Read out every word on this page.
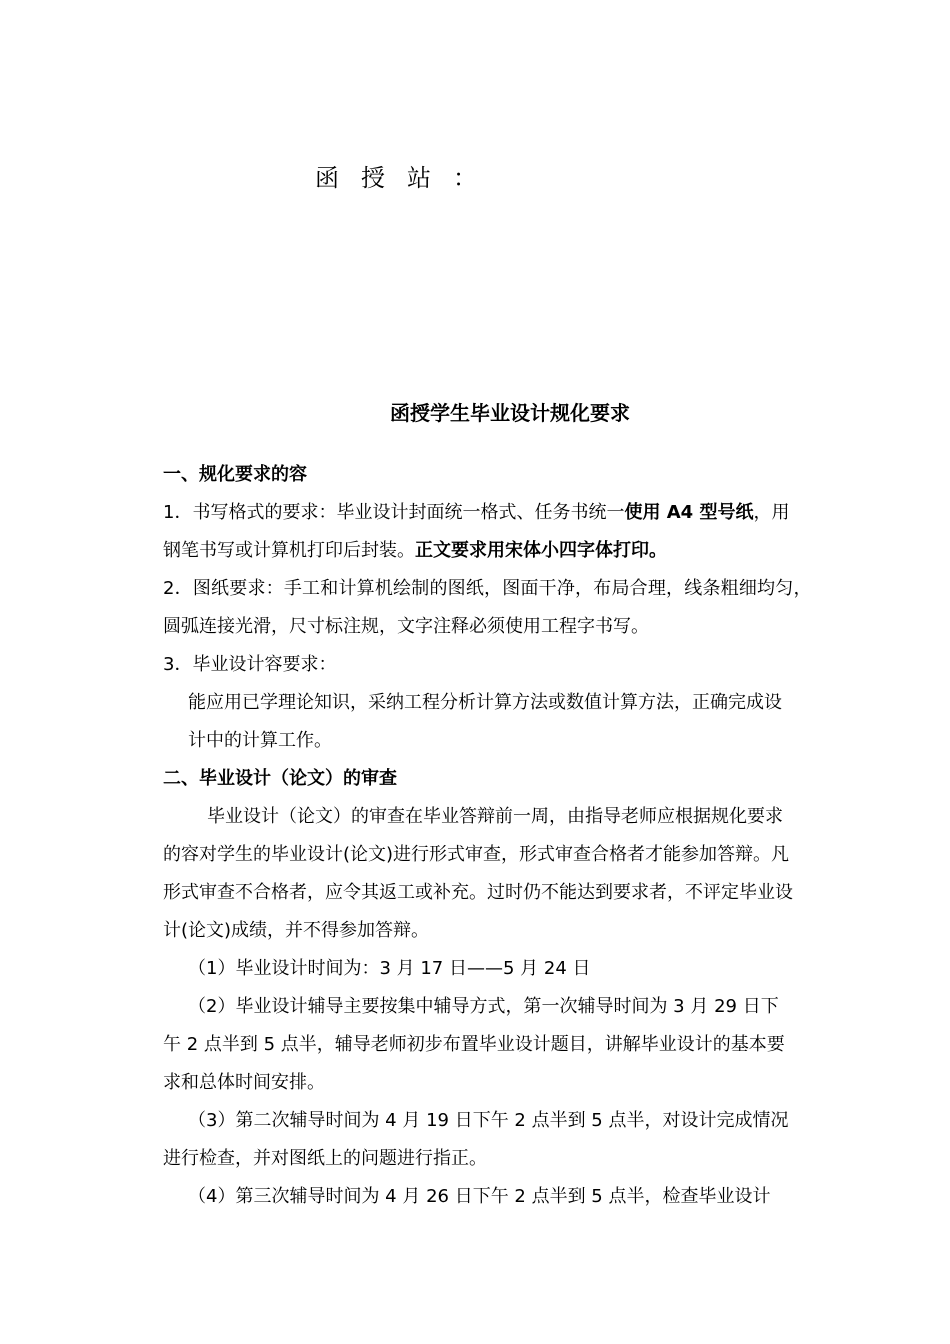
函授站：
函授学生毕业设计规化要求
一、规化要求的容
1．书写格式的要求：毕业设计封面统一格式、任务书统一使用 A4 型号纸，用
钢笔书写或计算机打印后封装。正文要求用宋体小四字体打印。
2．图纸要求：手工和计算机绘制的图纸，图面干净，布局合理，线条粗细均匀，
圆弧连接光滑，尺寸标注规，文字注释必须使用工程字书写。
3．毕业设计容要求：
能应用已学理论知识，采纳工程分析计算方法或数值计算方法，正确完成设
计中的计算工作。
二、毕业设计（论文）的审查
毕业设计（论文）的审查在毕业答辩前一周，由指导老师应根据规化要求
的容对学生的毕业设计(论文)进行形式审查，形式审查合格者才能参加答辩。凡
形式审查不合格者，应令其返工或补充。过时仍不能达到要求者，不评定毕业设
计(论文)成绩，并不得参加答辩。
（1）毕业设计时间为：3 月 17 日——5 月 24 日
（2）毕业设计辅导主要按集中辅导方式，第一次辅导时间为 3 月 29 日下
午 2 点半到 5 点半，辅导老师初步布置毕业设计题目，讲解毕业设计的基本要
求和总体时间安排。
（3）第二次辅导时间为 4 月 19 日下午 2 点半到 5 点半，对设计完成情况
进行检查，并对图纸上的问题进行指正。
（4）第三次辅导时间为 4 月 26 日下午 2 点半到 5 点半，检查毕业设计
